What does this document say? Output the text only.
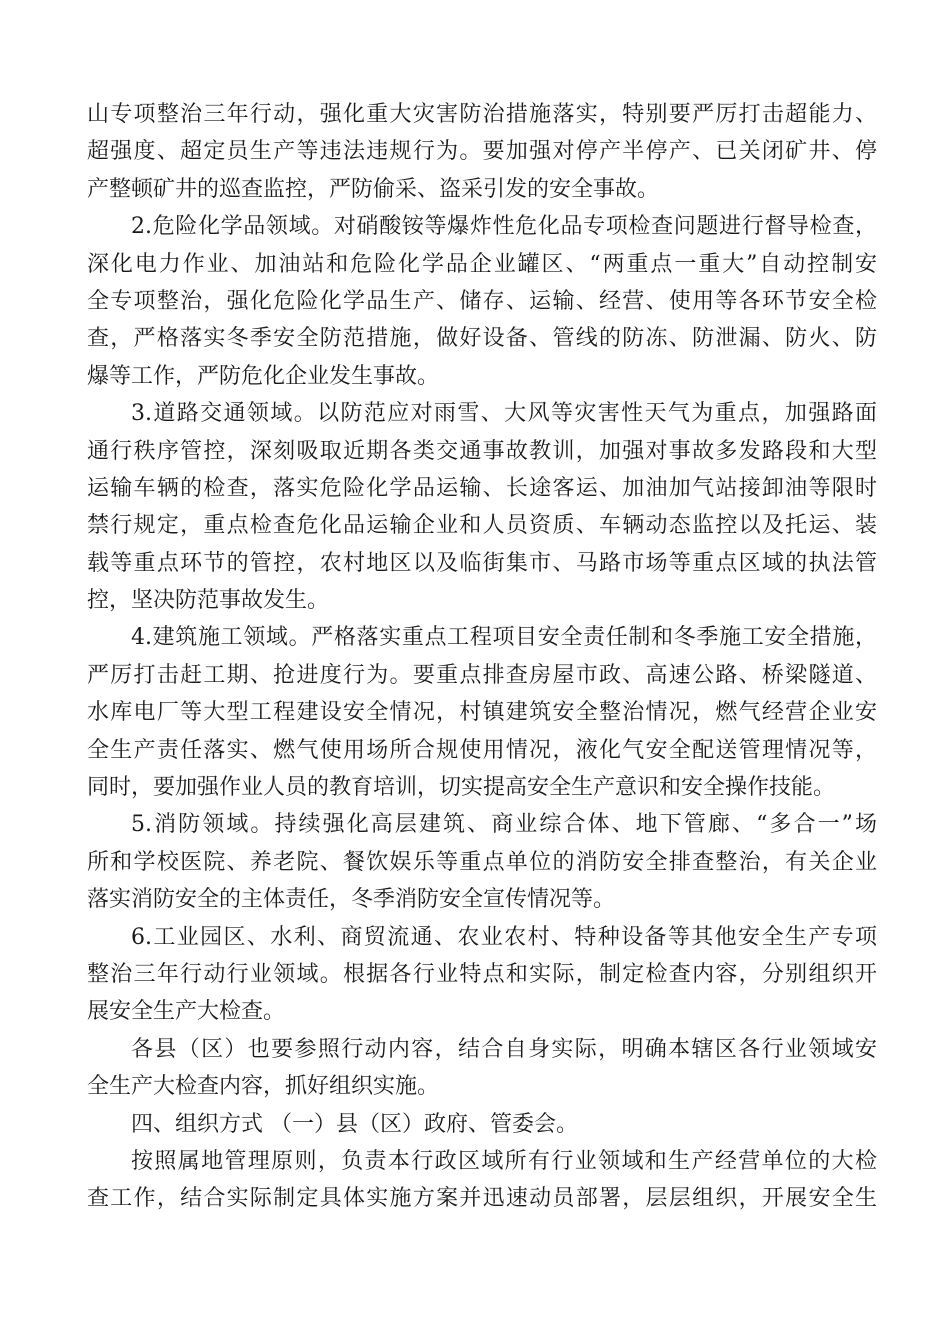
山专项整治三年行动，强化重大灾害防治措施落实，特别要严厉打击超能力、
超强度、超定员生产等违法违规行为。要加强对停产半停产、已关闭矿井、停
产整顿矿井的巡查监控，严防偷采、盗采引发的安全事故。
2.危险化学品领域。对硝酸铵等爆炸性危化品专项检查问题进行督导检查，
深化电力作业、加油站和危险化学品企业罐区、“两重点一重大”自动控制安
全专项整治，强化危险化学品生产、储存、运输、经营、使用等各环节安全检
查，严格落实冬季安全防范措施，做好设备、管线的防冻、防泄漏、防火、防
爆等工作，严防危化企业发生事故。
3.道路交通领域。以防范应对雨雪、大风等灾害性天气为重点，加强路面
通行秩序管控，深刻吸取近期各类交通事故教训，加强对事故多发路段和大型
运输车辆的检查，落实危险化学品运输、长途客运、加油加气站接卸油等限时
禁行规定，重点检查危化品运输企业和人员资质、车辆动态监控以及托运、装
载等重点环节的管控，农村地区以及临街集市、马路市场等重点区域的执法管
控，坚决防范事故发生。
4.建筑施工领域。严格落实重点工程项目安全责任制和冬季施工安全措施，
严厉打击赶工期、抢进度行为。要重点排查房屋市政、高速公路、桥梁隧道、
水库电厂等大型工程建设安全情况，村镇建筑安全整治情况，燃气经营企业安
全生产责任落实、燃气使用场所合规使用情况，液化气安全配送管理情况等，
同时，要加强作业人员的教育培训，切实提高安全生产意识和安全操作技能。
5.消防领域。持续强化高层建筑、商业综合体、地下管廊、“多合一”场
所和学校医院、养老院、餐饮娱乐等重点单位的消防安全排查整治，有关企业
落实消防安全的主体责任，冬季消防安全宣传情况等。
6.工业园区、水利、商贸流通、农业农村、特种设备等其他安全生产专项
整治三年行动行业领域。根据各行业特点和实际，制定检查内容，分别组织开
展安全生产大检查。
各县（区）也要参照行动内容，结合自身实际，明确本辖区各行业领域安
全生产大检查内容，抓好组织实施。
四、组织方式 （一）县（区）政府、管委会。
按照属地管理原则，负责本行政区域所有行业领域和生产经营单位的大检
查工作，结合实际制定具体实施方案并迅速动员部署，层层组织，开展安全生
